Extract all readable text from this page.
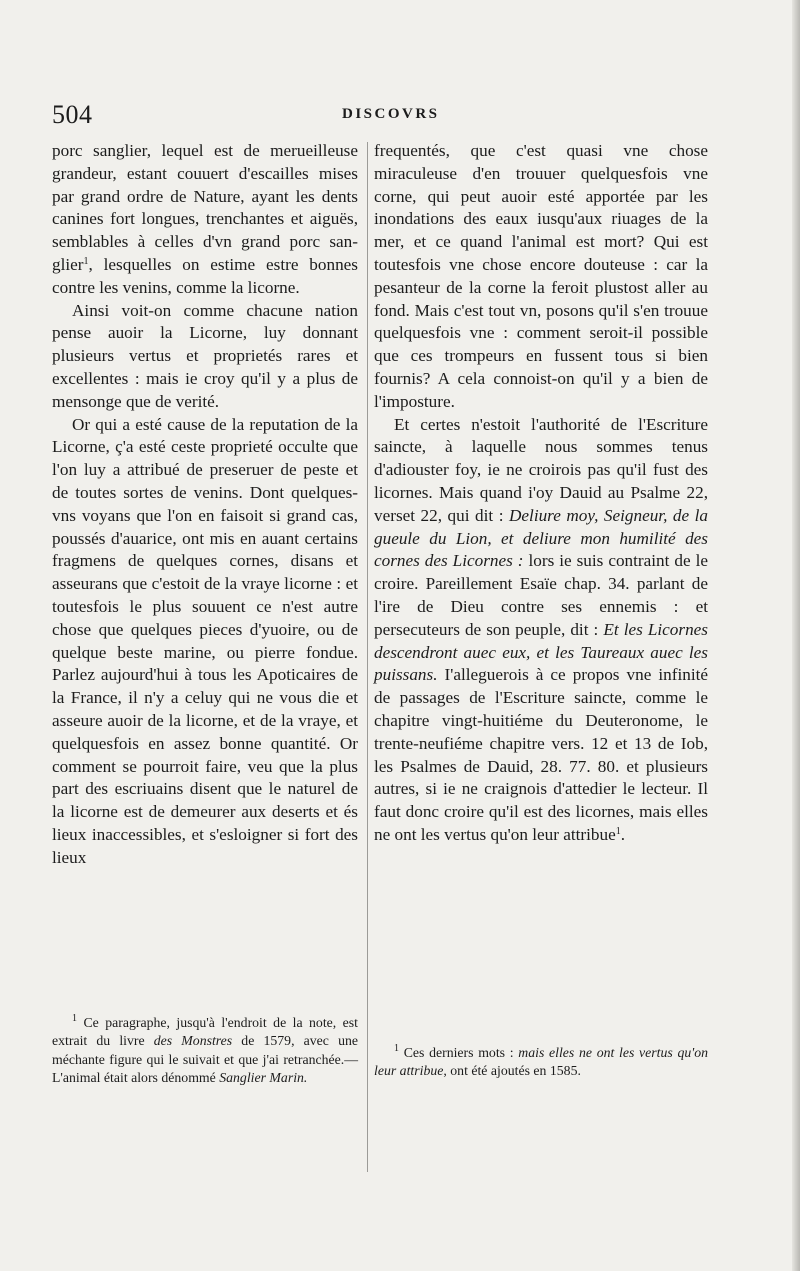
504	DISCOVRS

porc sanglier, lequel est de merueilleuse grandeur, estant couuert d'escailles mises par grand ordre de Nature, ayant les dents canines fort longues, trenchantes et aiguës, semblables à celles d'vn grand porc sanglier$^1$, lesquelles on estime estre bonnes contre les venins, comme la licorne.

Ainsi voit-on comme chacune nation pense auoir la Licorne, luy donnant plusieurs vertus et proprietés rares et excellentes : mais ie croy qu'il y a plus de mensonge que de verité.

Or qui a esté cause de la reputation de la Licorne, ç'a esté ceste proprieté occulte que l'on luy a attribué de preseruer de peste et de toutes sortes de venins. Dont quelques-vns voyans que l'on en faisoit si grand cas, poussés d'auarice, ont mis en auant certains fragmens de quelques cornes, disans et asseurans que c'estoit de la vraye licorne : et toutesfois le plus souuent ce n'est autre chose que quelques pieces d'yuoire, ou de quelque beste marine, ou pierre fondue. Parlez aujourd'hui à tous les Apoticaires de la France, il n'y a celuy qui ne vous die et asseure auoir de la licorne, et de la vraye, et quelquesfois en assez bonne quantité. Or comment se pourroit faire, veu que la plus part des escriuains disent que le naturel de la licorne est de demeurer aux deserts et és lieux inaccessibles, et s'esloigner si fort des lieux

frequentés, que c'est quasi vne chose miraculeuse d'en trouuer quelquesfois vne corne, qui peut auoir esté apportée par les inondations des eaux iusqu'aux riuages de la mer, et ce quand l'animal est mort? Qui est toutesfois vne chose encore douteuse : car la pesanteur de la corne la feroit plustost aller au fond. Mais c'est tout vn, posons qu'il s'en trouue quelquesfois vne : comment seroit-il possible que ces trompeurs en fussent tous si bien fournis? A cela connoist-on qu'il y a bien de l'imposture.

Et certes n'estoit l'authorité de l'Escriture saincte, à laquelle nous sommes tenus d'adiouster foy, ie ne croirois pas qu'il fust des licornes. Mais quand i'oy Dauid au Psalme 22, verset 22, qui dit : Deliure moy, Seigneur, de la gueule du Lion, et deliure mon humilité des cornes des Licornes : lors ie suis contraint de le croire. Pareillement Esaïe chap. 34. parlant de l'ire de Dieu contre ses ennemis : et persecuteurs de son peuple, dit : Et les Licornes descendront auec eux, et les Taureaux auec les puissans. I'alleguerois à ce propos vne infinité de passages de l'Escriture saincte, comme le chapitre vingt-huitiéme du Deuteronome, le trente-neufiéme chapitre vers. 12 et 13 de Iob, les Psalmes de Dauid, 28. 77. 80. et plusieurs autres, si ie ne craignois d'attedier le lecteur. Il faut donc croire qu'il est des licornes, mais elles ne ont les vertus qu'on leur attribue$^1$.

$^1$ Ce paragraphe, jusqu'à l'endroit de la note, est extrait du livre des Monstres de 1579, avec une méchante figure qui le suivait et que j'ai retranchée.—L'animal était alors dénommé Sanglier Marin.

$^1$ Ces derniers mots : mais elles ne ont les vertus qu'on leur attribue, ont été ajoutés en 1585.
